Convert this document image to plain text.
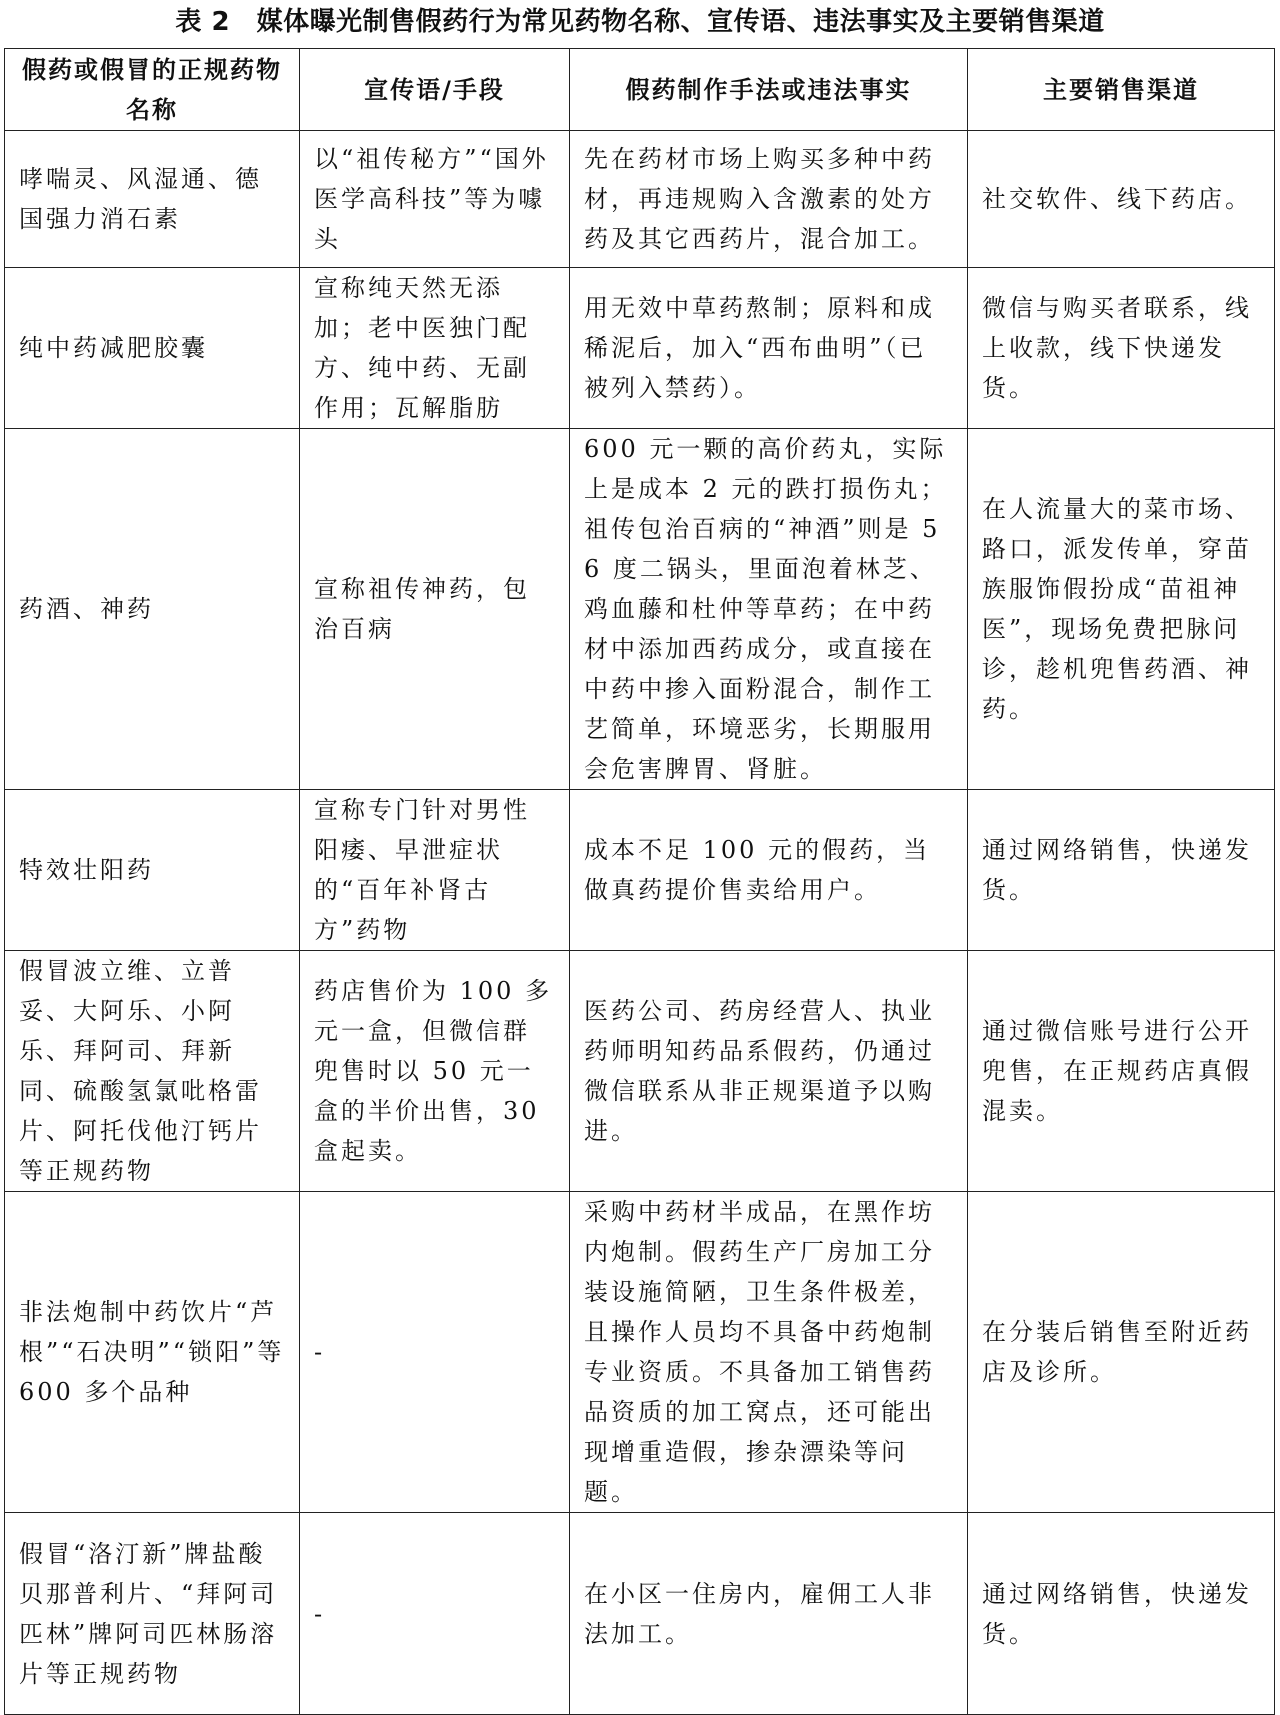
表 2　媒体曝光制售假药行为常见药物名称、宣传语、违法事实及主要销售渠道
假药或假冒的正规药物名称	宣传语/手段	假药制作手法或违法事实	主要销售渠道
哮喘灵、风湿通、德国强力消石素	以“祖传秘方”“国外医学高科技”等为噱头	先在药材市场上购买多种中药材，再违规购入含激素的处方药及其它西药片，混合加工。	社交软件、线下药店。
纯中药减肥胶囊	宣称纯天然无添加；老中医独门配方、纯中药、无副作用；瓦解脂肪	用无效中草药熬制；原料和成稀泥后，加入“西布曲明”（已被列入禁药）。	微信与购买者联系，线上收款，线下快递发货。
药酒、神药	宣称祖传神药，包治百病	600 元一颗的高价药丸，实际上是成本 2 元的跌打损伤丸；祖传包治百病的“神酒”则是 56 度二锅头，里面泡着林芝、鸡血藤和杜仲等草药；在中药材中添加西药成分，或直接在中药中掺入面粉混合，制作工艺简单，环境恶劣，长期服用会危害脾胃、肾脏。	在人流量大的菜市场、路口，派发传单，穿苗族服饰假扮成“苗祖神医”，现场免费把脉问诊，趁机兜售药酒、神药。
特效壮阳药	宣称专门针对男性阳痿、早泄症状的“百年补肾古方”药物	成本不足 100 元的假药，当做真药提价售卖给用户。	通过网络销售，快递发货。
假冒波立维、立普妥、大阿乐、小阿乐、拜阿司、拜新同、硫酸氢氯吡格雷片、阿托伐他汀钙片等正规药物	药店售价为 100 多元一盒，但微信群兜售时以 50 元一盒的半价出售，30 盒起卖。	医药公司、药房经营人、执业药师明知药品系假药，仍通过微信联系从非正规渠道予以购进。	通过微信账号进行公开兜售，在正规药店真假混卖。
非法炮制中药饮片“芦根”“石决明”“锁阳”等 600 多个品种	-	采购中药材半成品，在黑作坊内炮制。假药生产厂房加工分装设施简陋，卫生条件极差，且操作人员均不具备中药炮制专业资质。不具备加工销售药品资质的加工窝点，还可能出现增重造假，掺杂漂染等问题。	在分装后销售至附近药店及诊所。
假冒“洛汀新”牌盐酸贝那普利片、“拜阿司匹林”牌阿司匹林肠溶片等正规药物	-	在小区一住房内，雇佣工人非法加工。	通过网络销售，快递发货。
